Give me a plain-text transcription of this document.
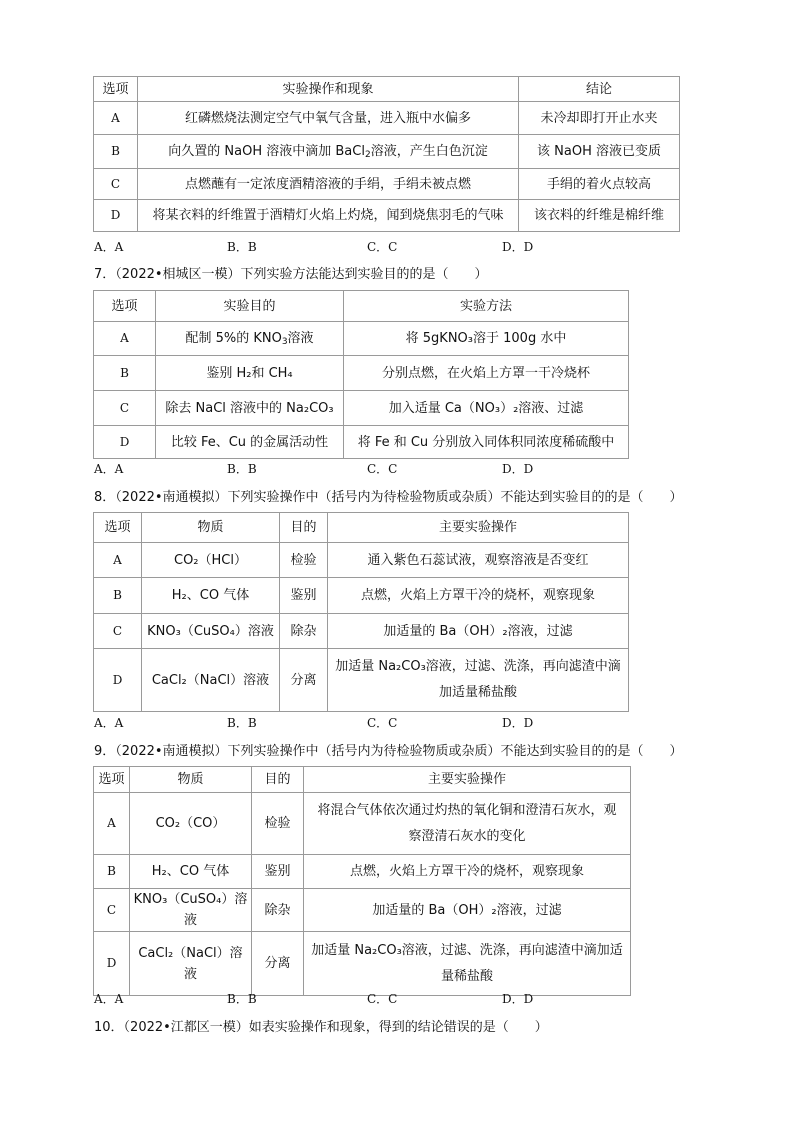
选项	实验操作和现象	结论
A	红磷燃烧法测定空气中氧气含量，进入瓶中水偏多	未冷却即打开止水夹
B	向久置的 NaOH 溶液中滴加 BaCl$_2$溶液，产生白色沉淀	该 NaOH 溶液已变质
C	点燃蘸有一定浓度酒精溶液的手绢，手绢未被点燃	手绢的着火点较高
D	将某衣料的纤维置于酒精灯火焰上灼烧，闻到烧焦羽毛的气味	该衣料的纤维是棉纤维
A．A	B．B	C．C	D．D
7．（2022•相城区一模）下列实验方法能达到实验目的的是（　　）
选项	实验目的	实验方法
A	配制 5%的 $KNO_3$溶液	将 5gKNO₃溶于 100g 水中
B	鉴别 H₂和 CH₄	分别点燃，在火焰上方罩一干冷烧杯
C	除去 NaCl 溶液中的 Na₂CO₃	加入适量 Ca（NO₃）₂溶液、过滤
D	比较 Fe、Cu 的金属活动性	将 Fe 和 Cu 分别放入同体积同浓度稀硫酸中
A．A	B．B	C．C	D．D
8．（2022•南通模拟）下列实验操作中（括号内为待检验物质或杂质）不能达到实验目的的是（　　）
选项	物质	目的	主要实验操作
A	CO₂（HCl）	检验	通入紫色石蕊试液，观察溶液是否变红
B	H₂、CO 气体	鉴别	点燃，火焰上方罩干冷的烧杯，观察现象
C	KNO₃（CuSO₄）溶液	除杂	加适量的 Ba（OH）₂溶液，过滤
D	CaCl₂（NaCl）溶液	分离	加适量 Na₂CO₃溶液，过滤、洗涤，再向滤渣中滴
加适量稀盐酸
A．A	B．B	C．C	D．D
9．（2022•南通模拟）下列实验操作中（括号内为待检验物质或杂质）不能达到实验目的的是（　　）
选项	物质	目的	主要实验操作
A	CO₂（CO）	检验	将混合气体依次通过灼热的氧化铜和澄清石灰水，观
察澄清石灰水的变化

B	H₂、CO 气体	鉴别	点燃，火焰上方罩干冷的烧杯，观察现象
C	KNO₃（CuSO₄）溶液	除杂	加适量的 Ba（OH）₂溶液，过滤
D	CaCl₂（NaCl）溶液	分离	加适量 Na₂CO₃溶液，过滤、洗涤，再向滤渣中滴加适
量稀盐酸
A．A	B．B	C．C	D．D
10．（2022•江都区一模）如表实验操作和现象，得到的结论错误的是（　　）
